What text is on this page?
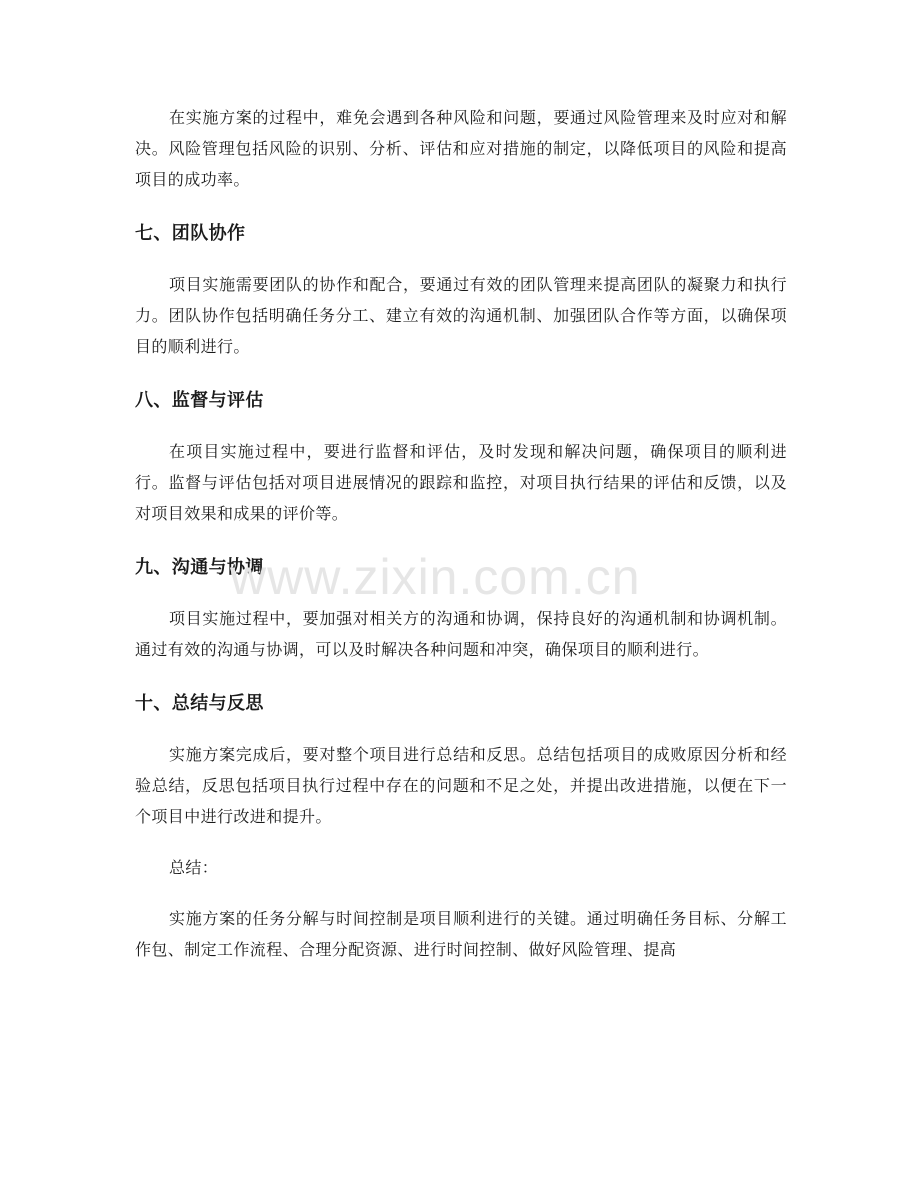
在实施方案的过程中，难免会遇到各种风险和问题，要通过风险管理来及时应对和解决。风险管理包括风险的识别、分析、评估和应对措施的制定，以降低项目的风险和提高项目的成功率。

七、团队协作

项目实施需要团队的协作和配合，要通过有效的团队管理来提高团队的凝聚力和执行力。团队协作包括明确任务分工、建立有效的沟通机制、加强团队合作等方面，以确保项目的顺利进行。

八、监督与评估

在项目实施过程中，要进行监督和评估，及时发现和解决问题，确保项目的顺利进行。监督与评估包括对项目进展情况的跟踪和监控，对项目执行结果的评估和反馈，以及对项目效果和成果的评价等。

九、沟通与协调

项目实施过程中，要加强对相关方的沟通和协调，保持良好的沟通机制和协调机制。通过有效的沟通与协调，可以及时解决各种问题和冲突，确保项目的顺利进行。

十、总结与反思

实施方案完成后，要对整个项目进行总结和反思。总结包括项目的成败原因分析和经验总结，反思包括项目执行过程中存在的问题和不足之处，并提出改进措施，以便在下一个项目中进行改进和提升。

总结：

实施方案的任务分解与时间控制是项目顺利进行的关键。通过明确任务目标、分解工作包、制定工作流程、合理分配资源、进行时间控制、做好风险管理、提高

www.zixin.com.cn
